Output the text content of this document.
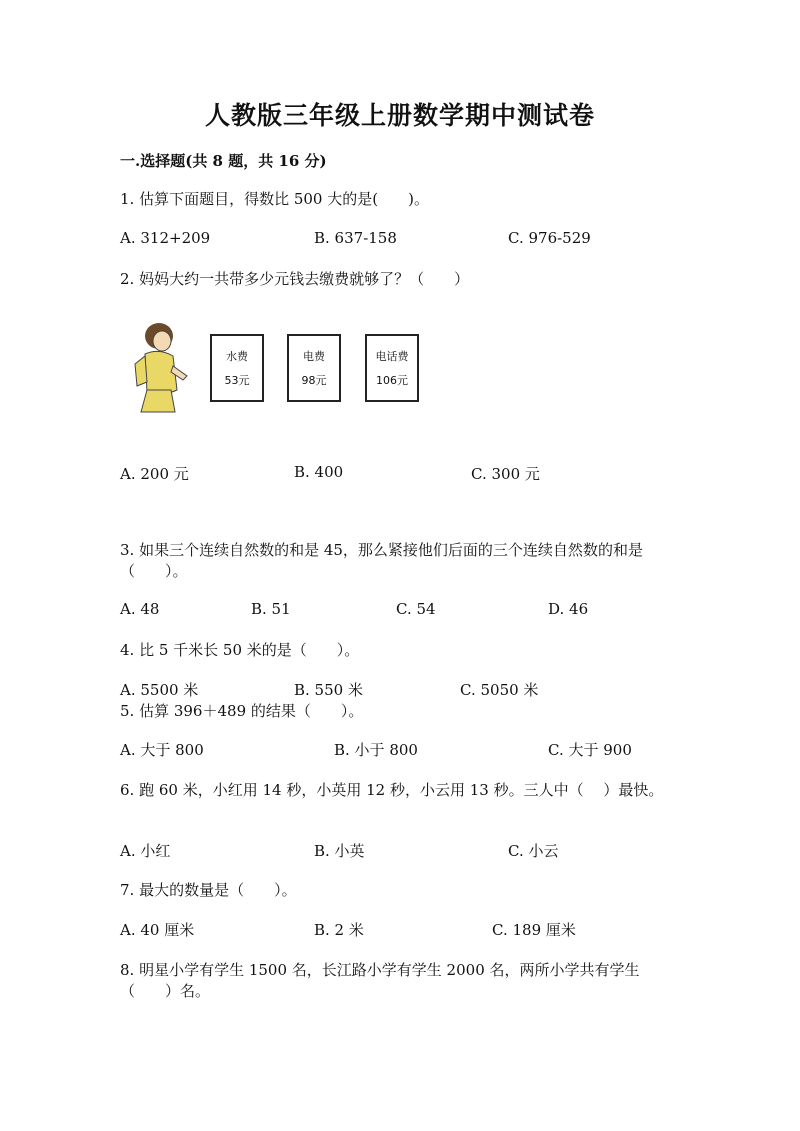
人教版三年级上册数学期中测试卷
一.选择题(共 8 题，共 16 分)
1. 估算下面题目，得数比 500 大的是(　　)。
A. 312+209	B. 637-158	C. 976-529
2. 妈妈大约一共带多少元钱去缴费就够了？（　　）
水费
53元
电费
98元
电话费
106元
A. 200 元	B. 400	C. 300 元
3. 如果三个连续自然数的和是 45，那么紧接他们后面的三个连续自然数的和是
（　　）。
A. 48	B. 51	C. 54	D. 46
4. 比 5 千米长 50 米的是（　　）。
A. 5500 米	B. 550 米	C. 5050 米
5. 估算 396＋489 的结果（　　）。
A. 大于 800	B. 小于 800	C. 大于 900
6. 跑 60 米，小红用 14 秒，小英用 12 秒，小云用 13 秒。三人中（　 ）最快。
A. 小红	B. 小英	C. 小云
7. 最大的数量是（　　）。
A. 40 厘米	B. 2 米	C. 189 厘米
8. 明星小学有学生 1500 名，长江路小学有学生 2000 名，两所小学共有学生
（　　）名。
